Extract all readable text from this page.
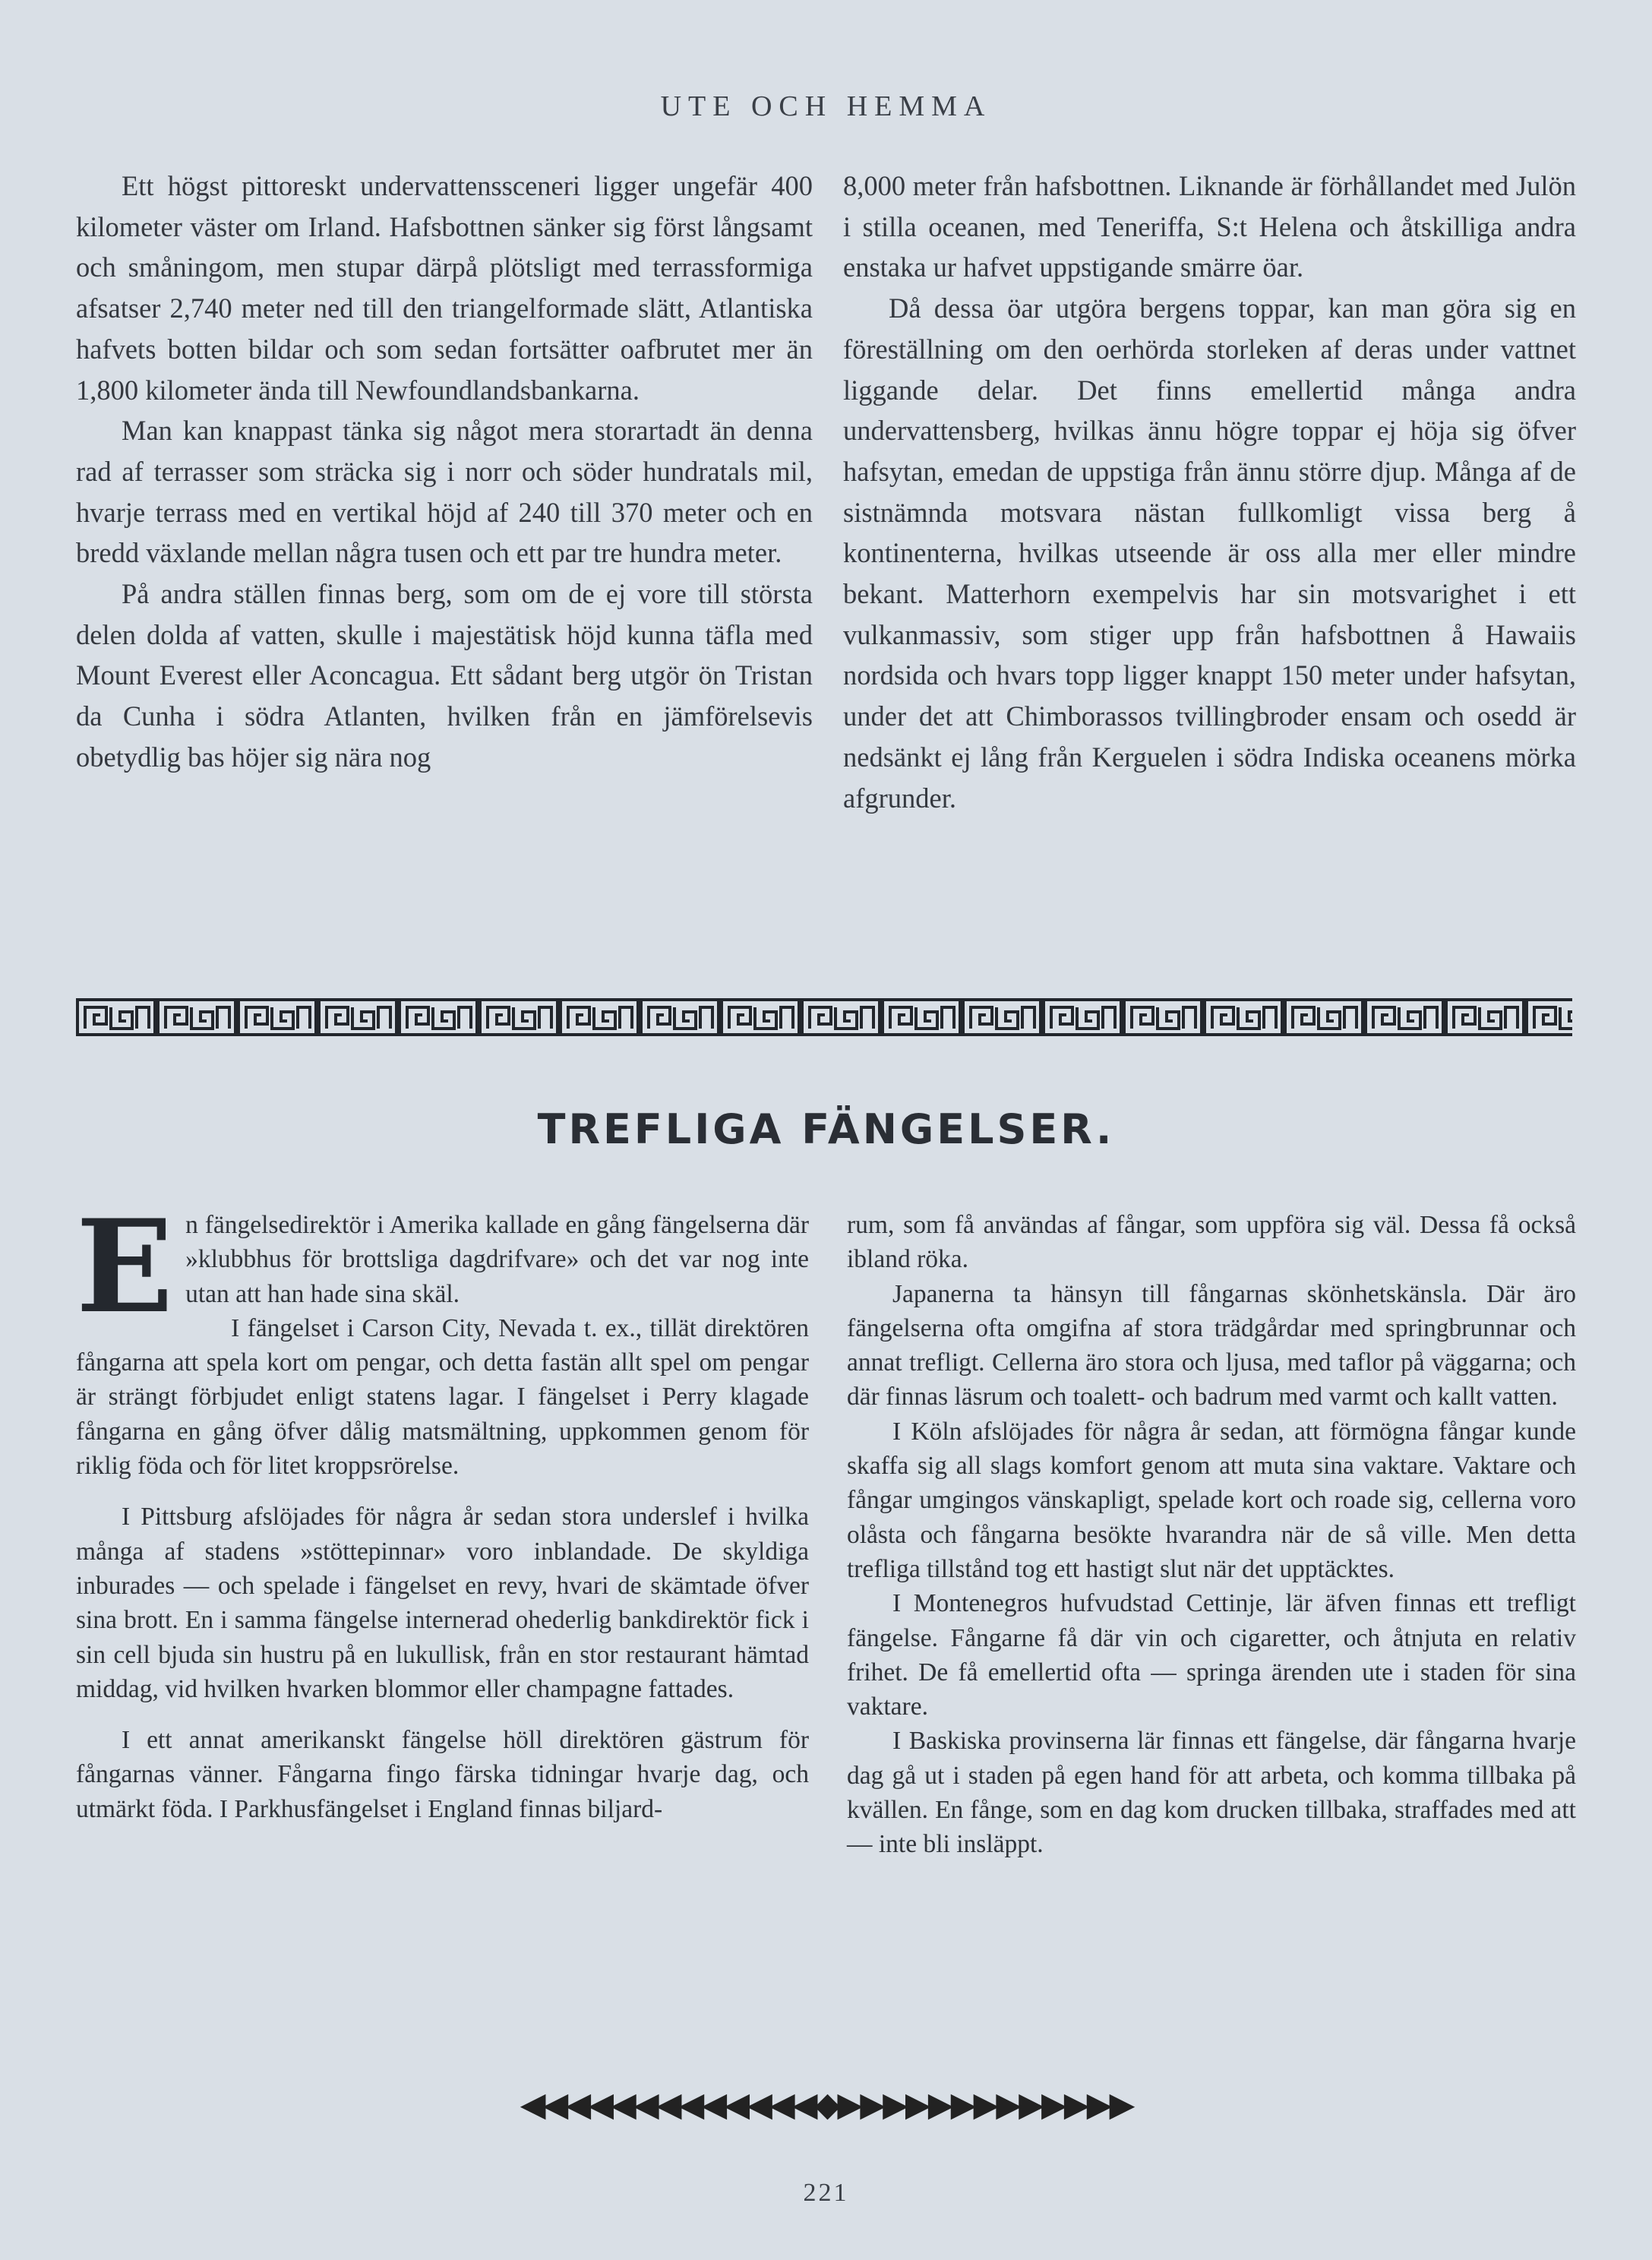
UTE OCH HEMMA

Ett högst pittoreskt undervattenssceneri ligger ungefär 400 kilometer väster om Irland. Hafsbottnen sänker sig först långsamt och småningom, men stupar därpå plötsligt med terrassformiga afsatser 2,740 meter ned till den triangelformade slätt, Atlantiska hafvets botten bildar och som sedan fortsätter oafbrutet mer än 1,800 kilometer ända till Newfoundlandsbankarna.

Man kan knappast tänka sig något mera storartadt än denna rad af terrasser som sträcka sig i norr och söder hundratals mil, hvarje terrass med en vertikal höjd af 240 till 370 meter och en bredd växlande mellan några tusen och ett par tre hundra meter.

På andra ställen finnas berg, som om de ej vore till största delen dolda af vatten, skulle i majestätisk höjd kunna täfla med Mount Everest eller Aconcagua. Ett sådant berg utgör ön Tristan da Cunha i södra Atlanten, hvilken från en jämförelsevis obetydlig bas höjer sig nära nog

8,000 meter från hafsbottnen. Liknande är förhållandet med Julön i stilla oceanen, med Teneriffa, S:t Helena och åtskilliga andra enstaka ur hafvet uppstigande smärre öar.

Då dessa öar utgöra bergens toppar, kan man göra sig en föreställning om den oerhörda storleken af deras under vattnet liggande delar. Det finns emellertid många andra undervattensberg, hvilkas ännu högre toppar ej höja sig öfver hafsytan, emedan de uppstiga från ännu större djup. Många af de sistnämnda motsvara nästan fullkomligt vissa berg å kontinenterna, hvilkas utseende är oss alla mer eller mindre bekant. Matterhorn exempelvis har sin motsvarighet i ett vulkanmassiv, som stiger upp från hafsbottnen å Hawaiis nordsida och hvars topp ligger knappt 150 meter under hafsytan, under det att Chimborassos tvillingbroder ensam och osedd är nedsänkt ej lång från Kerguelen i södra Indiska oceanens mörka afgrunder.

TREFLIGA FÄNGELSER.
E n fängelsedirektör i Amerika kallade en gång fängelserna där »klubbhus för brottsliga dagdrifvare» och det var nog inte utan att han hade sina skäl.

I fängelset i Carson City, Nevada t. ex., tillät direktören fångarna att spela kort om pengar, och detta fastän allt spel om pengar är strängt förbjudet enligt statens lagar. I fängelset i Perry klagade fångarna en gång öfver dålig matsmältning, uppkommen genom för riklig föda och för litet kroppsrörelse.

I Pittsburg afslöjades för några år sedan stora underslef i hvilka många af stadens »stöttepinnar» voro inblandade. De skyldiga inburades — och spelade i fängelset en revy, hvari de skämtade öfver sina brott. En i samma fängelse internerad ohederlig bankdirektör fick i sin cell bjuda sin hustru på en lukullisk, från en stor restaurant hämtad middag, vid hvilken hvarken blommor eller champagne fattades.

I ett annat amerikanskt fängelse höll direktören gästrum för fångarnas vänner. Fångarna fingo färska tidningar hvarje dag, och utmärkt föda. I Parkhusfängelset i England finnas biljard-

rum, som få användas af fångar, som uppföra sig väl. Dessa få också ibland röka.

Japanerna ta hänsyn till fångarnas skönhetskänsla. Där äro fängelserna ofta omgifna af stora trädgårdar med springbrunnar och annat trefligt. Cellerna äro stora och ljusa, med taflor på väggarna; och där finnas läsrum och toalett- och badrum med varmt och kallt vatten.

I Köln afslöjades för några år sedan, att förmögna fångar kunde skaffa sig all slags komfort genom att muta sina vaktare. Vaktare och fångar umgingos vänskapligt, spelade kort och roade sig, cellerna voro olåsta och fångarna besökte hvarandra när de så ville. Men detta trefliga tillstånd tog ett hastigt slut när det upptäcktes.

I Montenegros hufvudstad Cettinje, lär äfven finnas ett trefligt fängelse. Fångarne få där vin och cigaretter, och åtnjuta en relativ frihet. De få emellertid ofta — springa ärenden ute i staden för sina vaktare.

I Baskiska provinserna lär finnas ett fängelse, där fångarna hvarje dag gå ut i staden på egen hand för att arbeta, och komma tillbaka på kvällen. En fånge, som en dag kom drucken tillbaka, straffades med att — inte bli insläppt.

◀◀◀◀◀◀◀◀◀◀◀◀◀◆▶▶▶▶▶▶▶▶▶▶▶▶▶
221
